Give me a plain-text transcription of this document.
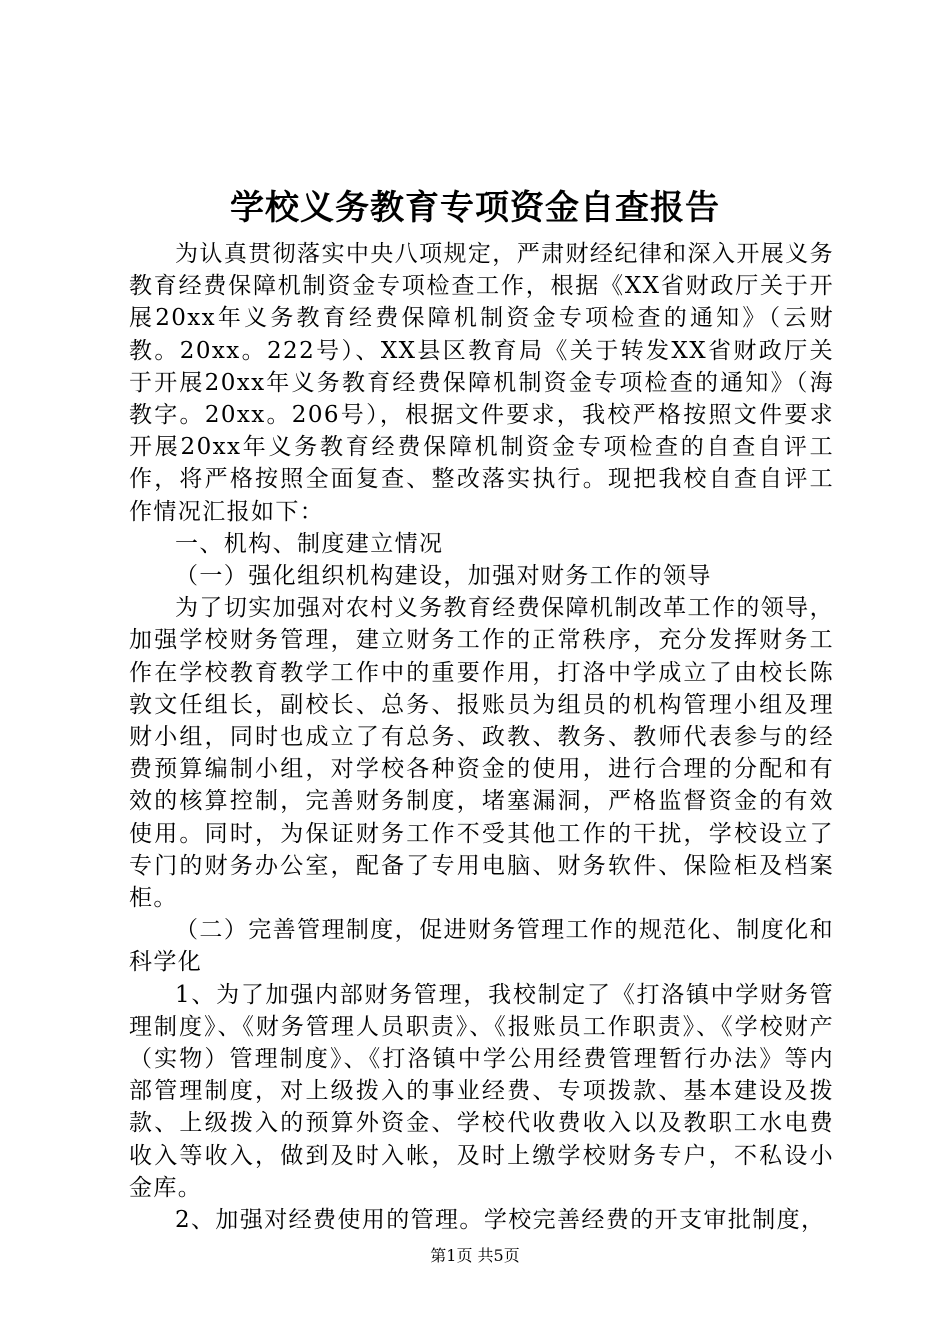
学校义务教育专项资金自查报告

为认真贯彻落实中央八项规定，严肃财经纪律和深入开展义务教育经费保障机制资金专项检查工作，根据《XX省财政厅关于开展20xx年义务教育经费保障机制资金专项检查的通知》（云财教。20xx。222号）、XX县区教育局《关于转发XX省财政厅关于开展20xx年义务教育经费保障机制资金专项检查的通知》（海教字。20xx。206号），根据文件要求，我校严格按照文件要求开展20xx年义务教育经费保障机制资金专项检查的自查自评工作，将严格按照全面复查、整改落实执行。现把我校自查自评工作情况汇报如下：

一、机构、制度建立情况

（一）强化组织机构建设，加强对财务工作的领导

为了切实加强对农村义务教育经费保障机制改革工作的领导，加强学校财务管理，建立财务工作的正常秩序，充分发挥财务工作在学校教育教学工作中的重要作用，打洛中学成立了由校长陈敦文任组长，副校长、总务、报账员为组员的机构管理小组及理财小组，同时也成立了有总务、政教、教务、教师代表参与的经费预算编制小组，对学校各种资金的使用，进行合理的分配和有效的核算控制，完善财务制度，堵塞漏洞，严格监督资金的有效使用。同时，为保证财务工作不受其他工作的干扰，学校设立了专门的财务办公室，配备了专用电脑、财务软件、保险柜及档案柜。

（二）完善管理制度，促进财务管理工作的规范化、制度化和科学化

1、为了加强内部财务管理，我校制定了《打洛镇中学财务管理制度》、《财务管理人员职责》、《报账员工作职责》、《学校财产（实物）管理制度》、《打洛镇中学公用经费管理暂行办法》等内部管理制度，对上级拨入的事业经费、专项拨款、基本建设及拨款、上级拨入的预算外资金、学校代收费收入以及教职工水电费收入等收入，做到及时入帐，及时上缴学校财务专户，不私设小金库。

2、加强对经费使用的管理。学校完善经费的开支审批制度，

第1页 共5页
